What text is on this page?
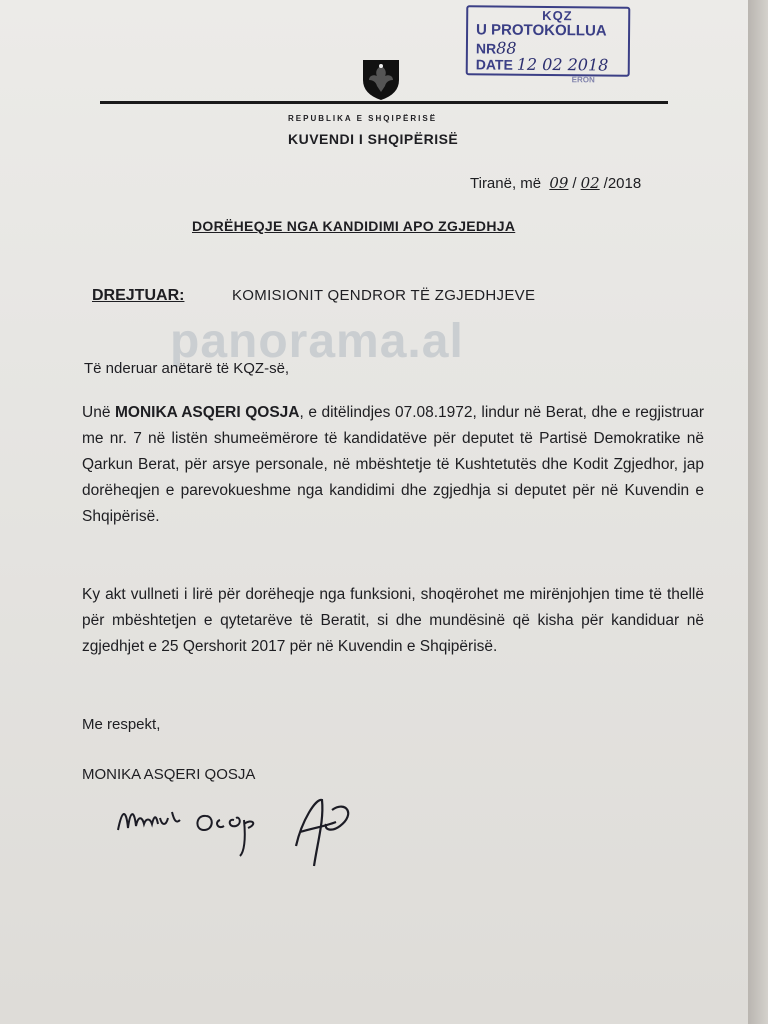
KQZ
U PROTOKOLLUA
NR88
ERON
DATE 12 02 2018
REPUBLIKA E SHQIPËRISË
KUVENDI I SHQIPËRISË
Tiranë, më 09 / 02 /2018
DORËHEQJE NGA KANDIDIMI APO ZGJEDHJA
DREJTUAR:	KOMISIONIT QENDROR TË ZGJEDHJEVE
panorama.al
Të nderuar anëtarë të KQZ-së,
Unë MONIKA ASQERI QOSJA, e ditëlindjes 07.08.1972, lindur në Berat, dhe e regjistruar me nr. 7 në listën shumeëmërore të kandidatëve për deputet të Partisë Demokratike në Qarkun Berat, për arsye personale, në mbështetje të Kushtetutës dhe Kodit Zgjedhor, jap dorëheqjen e parevokueshme nga kandidimi dhe zgjedhja si deputet për në Kuvendin e Shqipërisë.
Ky akt vullneti i lirë për dorëheqje nga funksioni, shoqërohet me mirënjohjen time të thellë për mbështetjen e qytetarëve të Beratit, si dhe mundësinë që kisha për kandiduar në zgjedhjet e 25 Qershorit 2017 për në Kuvendin e Shqipërisë.
Me respekt,
MONIKA ASQERI QOSJA
